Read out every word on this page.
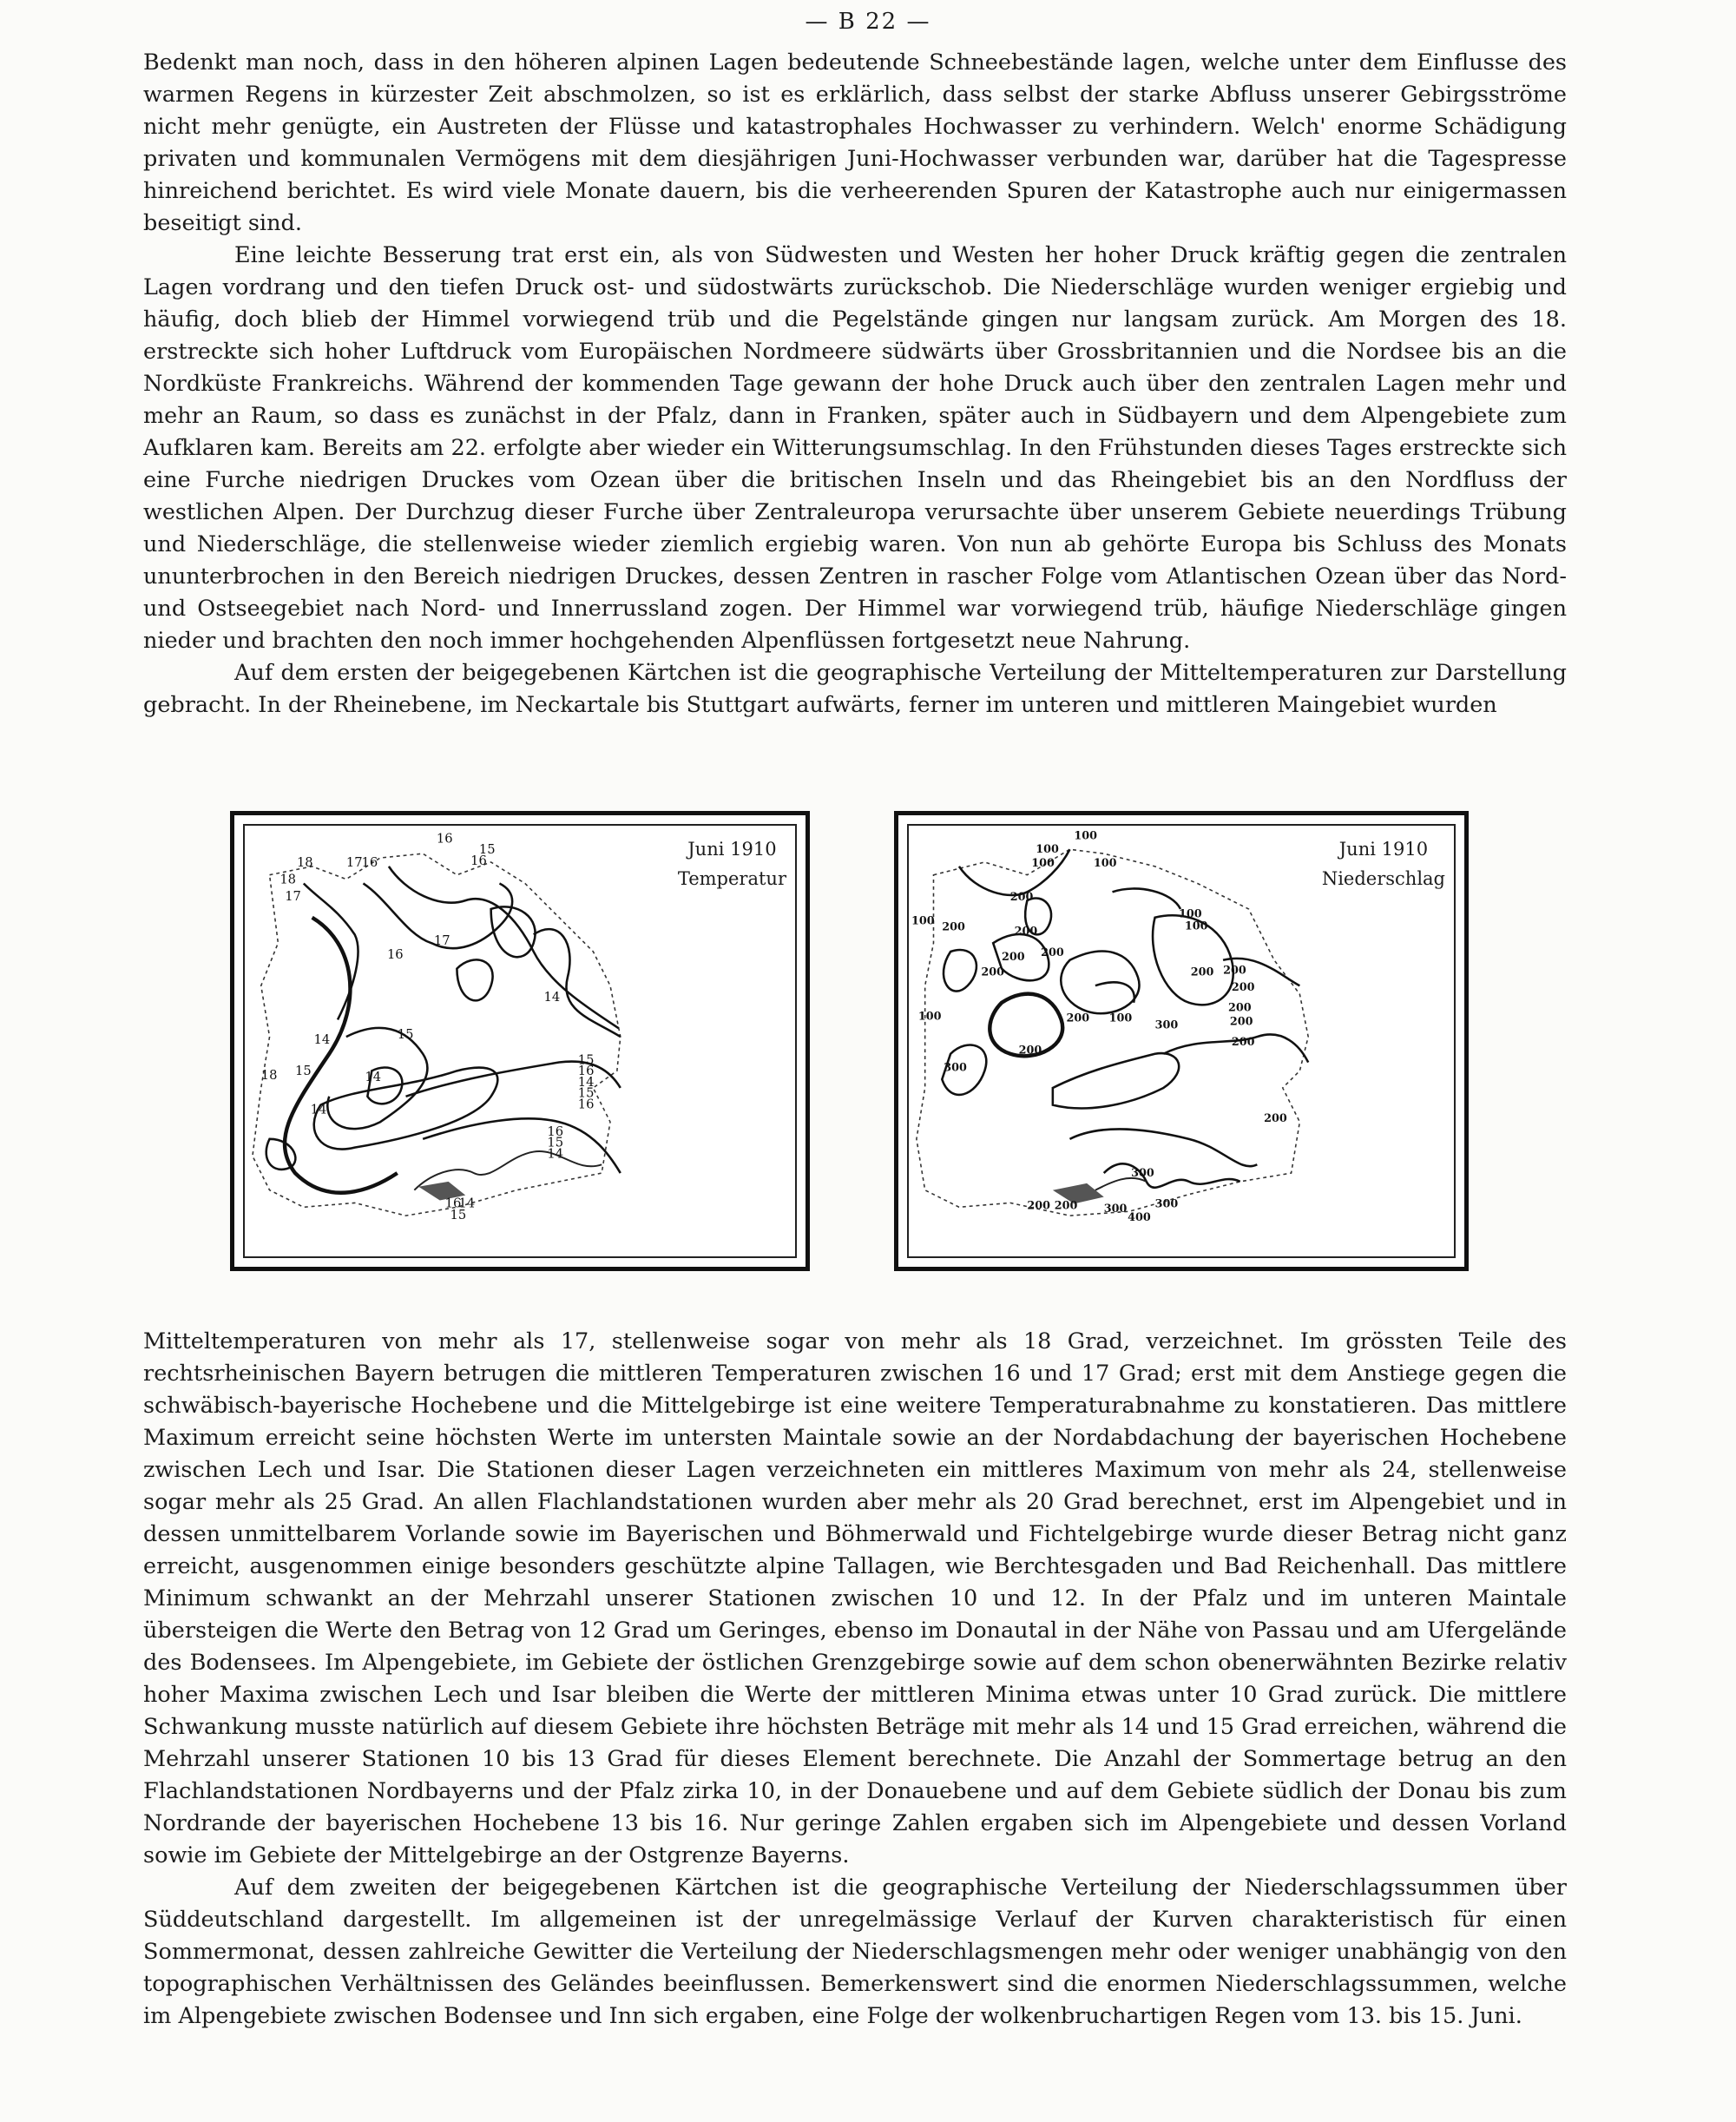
— B 22 —

Bedenkt man noch, dass in den höheren alpinen Lagen bedeutende Schneebestände lagen, welche unter dem Einflusse des warmen Regens in kürzester Zeit abschmolzen, so ist es erklärlich, dass selbst der starke Abfluss unserer Gebirgsströme nicht mehr genügte, ein Austreten der Flüsse und katastrophales Hochwasser zu verhindern. Welch' enorme Schädigung privaten und kommunalen Vermögens mit dem diesjährigen Juni-Hochwasser verbunden war, darüber hat die Tagespresse hinreichend berichtet. Es wird viele Monate dauern, bis die verheerenden Spuren der Katastrophe auch nur einigermassen beseitigt sind.

Eine leichte Besserung trat erst ein, als von Südwesten und Westen her hoher Druck kräftig gegen die zentralen Lagen vordrang und den tiefen Druck ost- und südostwärts zurückschob. Die Niederschläge wurden weniger ergiebig und häufig, doch blieb der Himmel vorwiegend trüb und die Pegelstände gingen nur langsam zurück. Am Morgen des 18. erstreckte sich hoher Luftdruck vom Europäischen Nordmeere südwärts über Grossbritannien und die Nordsee bis an die Nordküste Frankreichs. Während der kommenden Tage gewann der hohe Druck auch über den zentralen Lagen mehr und mehr an Raum, so dass es zunächst in der Pfalz, dann in Franken, später auch in Südbayern und dem Alpengebiete zum Aufklaren kam. Bereits am 22. erfolgte aber wieder ein Witterungsumschlag. In den Frühstunden dieses Tages erstreckte sich eine Furche niedrigen Druckes vom Ozean über die britischen Inseln und das Rheingebiet bis an den Nordfluss der westlichen Alpen. Der Durchzug dieser Furche über Zentraleuropa verursachte über unserem Gebiete neuerdings Trübung und Niederschläge, die stellenweise wieder ziemlich ergiebig waren. Von nun ab gehörte Europa bis Schluss des Monats ununterbrochen in den Bereich niedrigen Druckes, dessen Zentren in rascher Folge vom Atlantischen Ozean über das Nord- und Ostseegebiet nach Nord- und Innerrussland zogen. Der Himmel war vorwiegend trüb, häufige Niederschläge gingen nieder und brachten den noch immer hochgehenden Alpenflüssen fortgesetzt neue Nahrung.

Auf dem ersten der beigegebenen Kärtchen ist die geographische Verteilung der Mitteltemperaturen zur Darstellung gebracht. In der Rheinebene, im Neckartale bis Stuttgart aufwärts, ferner im unteren und mittleren Maingebiet wurden

16
15
16
18	17
16
18
17
17
16
14
15
14
15
18	14
14
15
16
14
15
16
16
15
14
16
14
15
Juni 1910
Temperatur
100
100
100	100
200
100 200	200
100
100
200 200
200	200 200
200
100	200
200
200
100
300
200
300
200
200
300
300
200
400
300
200
Juni 1910
Niederschlag

Mitteltemperaturen von mehr als 17, stellenweise sogar von mehr als 18 Grad, verzeichnet. Im grössten Teile des rechtsrheinischen Bayern betrugen die mittleren Temperaturen zwischen 16 und 17 Grad; erst mit dem Anstiege gegen die schwäbisch-bayerische Hochebene und die Mittelgebirge ist eine weitere Temperaturabnahme zu konstatieren. Das mittlere Maximum erreicht seine höchsten Werte im untersten Maintale sowie an der Nordabdachung der bayerischen Hochebene zwischen Lech und Isar. Die Stationen dieser Lagen verzeichneten ein mittleres Maximum von mehr als 24, stellenweise sogar mehr als 25 Grad. An allen Flachlandstationen wurden aber mehr als 20 Grad berechnet, erst im Alpengebiet und in dessen unmittelbarem Vorlande sowie im Bayerischen und Böhmerwald und Fichtelgebirge wurde dieser Betrag nicht ganz erreicht, ausgenommen einige besonders geschützte alpine Tallagen, wie Berchtesgaden und Bad Reichenhall. Das mittlere Minimum schwankt an der Mehrzahl unserer Stationen zwischen 10 und 12. In der Pfalz und im unteren Maintale übersteigen die Werte den Betrag von 12 Grad um Geringes, ebenso im Donautal in der Nähe von Passau und am Ufergelände des Bodensees. Im Alpengebiete, im Gebiete der östlichen Grenzgebirge sowie auf dem schon obenerwähnten Bezirke relativ hoher Maxima zwischen Lech und Isar bleiben die Werte der mittleren Minima etwas unter 10 Grad zurück. Die mittlere Schwankung musste natürlich auf diesem Gebiete ihre höchsten Beträge mit mehr als 14 und 15 Grad erreichen, während die Mehrzahl unserer Stationen 10 bis 13 Grad für dieses Element berechnete. Die Anzahl der Sommertage betrug an den Flachlandstationen Nordbayerns und der Pfalz zirka 10, in der Donauebene und auf dem Gebiete südlich der Donau bis zum Nordrande der bayerischen Hochebene 13 bis 16. Nur geringe Zahlen ergaben sich im Alpengebiete und dessen Vorland sowie im Gebiete der Mittelgebirge an der Ostgrenze Bayerns.

Auf dem zweiten der beigegebenen Kärtchen ist die geographische Verteilung der Niederschlagssummen über Süddeutschland dargestellt. Im allgemeinen ist der unregelmässige Verlauf der Kurven charakteristisch für einen Sommermonat, dessen zahlreiche Gewitter die Verteilung der Niederschlagsmengen mehr oder weniger unabhängig von den topographischen Verhältnissen des Geländes beeinflussen. Bemerkenswert sind die enormen Niederschlagssummen, welche im Alpengebiete zwischen Bodensee und Inn sich ergaben, eine Folge der wolkenbruchartigen Regen vom 13. bis 15. Juni.
